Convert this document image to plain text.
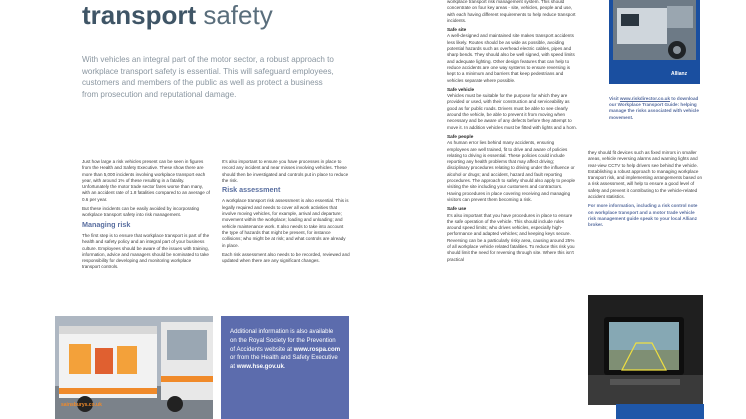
transport safety
With vehicles an integral part of the motor sector, a robust approach to workplace transport safety is essential. This will safeguard employees, customers and members of the public as well as protect a business from prosecution and reputational damage.

Just how large a risk vehicles present can be seen in figures from the Health and Safety Executive. These show there are more than 5,000 incidents involving workplace transport each year, with around 1% of these resulting in a fatality. Unfortunately the motor trade sector fares worse than many, with an accident rate of 1.8 fatalities compared to an average of 0.6 per year.

But these incidents can be easily avoided by incorporating workplace transport safety into risk management.

Managing risk

The first step is to ensure that workplace transport is part of the health and safety policy and an integral part of your business culture. Employees should be aware of the issues with training, information, advice and managers should be nominated to take responsibility for developing and monitoring workplace transport controls.

It's also important to ensure you have processes in place to record any incident and near misses involving vehicles. These should then be investigated and controls put in place to reduce the risk.

Risk assessment

A workplace transport risk assessment is also essential. This is legally required and needs to cover all work activities that involve moving vehicles, for example, arrival and departure; movement within the workplace; loading and unloading; and vehicle maintenance work. It also needs to take into account the type of hazards that might be present, for instance collisions; who might be at risk; and what controls are already in place.

Each risk assessment also needs to be recorded, reviewed and updated when there are any significant changes.

sainsburys.co.uk
Additional information is also available on the Royal Society for the Prevention of Accidents website at www.rospa.com or from the Health and Safety Executive at www.hse.gov.uk.

workplace transport risk management system. This should concentrate on four key areas - site, vehicles, people and use, with each having different requirements to help reduce transport incidents.

Safe site

A well-designed and maintained site makes transport accidents less likely. Routes should be as wide as possible, avoiding potential hazards such as overhead electric cables, pipes and sharp bends. They should also be well signed, with speed limits and adequate lighting. Other design features that can help to reduce accidents are one way systems to ensure reversing is kept to a minimum and barriers that keep pedestrians and vehicles separate where possible.

Safe vehicle

Vehicles must be suitable for the purpose for which they are provided or used, with their construction and serviceability as good as for public roads. Drivers must be able to see clearly around the vehicle, be able to prevent it from moving when necessary and be aware of any defects before they attempt to move it. In addition vehicles must be fitted with lights and a horn.

Safe people

As human error lies behind many accidents, ensuring employees are well trained, fit to drive and aware of policies relating to driving is essential. These policies could include reporting any health problems that may affect driving; disciplinary procedures relating to driving under the influence or alcohol or drugs; and accident, hazard and fault reporting procedures. The approach to safety should also apply to people visiting the site including your customers and contractors. Having procedures in place covering receiving and managing visitors can prevent them becoming a risk.

Safe use

It's also important that you have procedures in place to ensure the safe operation of the vehicle. This should include rules around speed limits; who drives vehicles, especially high-performance and adapted vehicles; and keeping keys secure. Reversing can be a particularly risky area, causing around 25% of all workplace vehicle related fatalities. To reduce this risk you should limit the need for reversing through site. Where this isn't practical

Allianz
Visit www.riskdirector.co.uk to download our Workplace Transport Guide: helping manage the risks associated with vehicle movement.

they should fit devices such as fixed mirrors in smaller areas, vehicle reversing alarms and warning lights and rear-view CCTV to help drivers see behind the vehicle. Establishing a robust approach to managing workplace transport risk, and implementing arrangements based on a risk assessment, will help to ensure a good level of safety and prevent it contributing to the vehicle-related accident statistics.

For more information, including a risk control note on workplace transport and a motor trade vehicle risk management guide speak to your local Allianz broker.
